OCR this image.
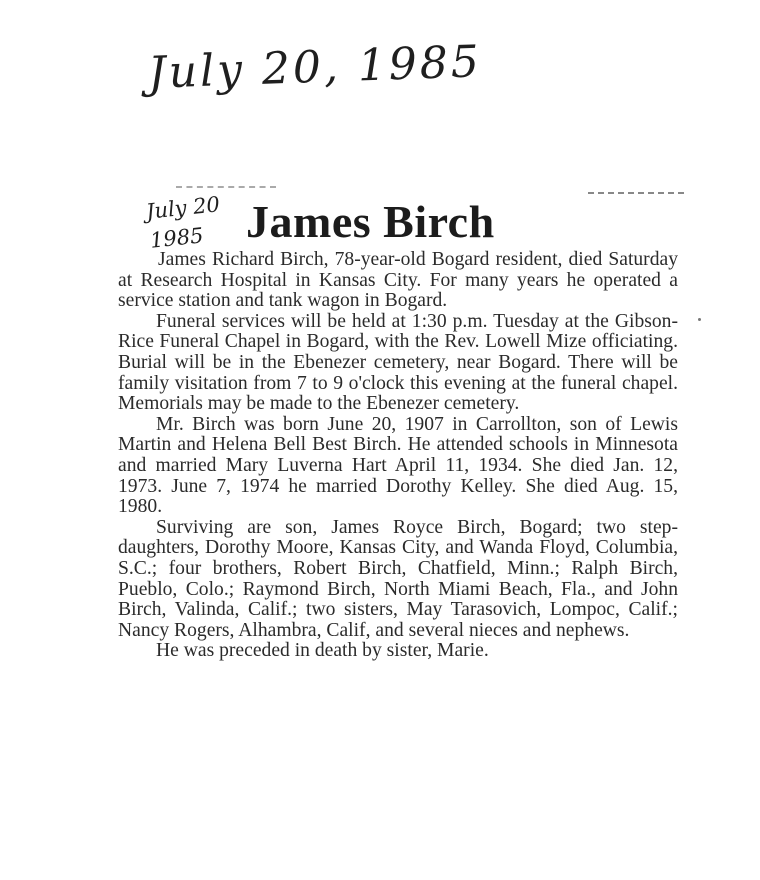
July 20, 1985
July 20
1985 James Birch

James Richard Birch, 78-year-old Bogard resident, died Saturday at Research Hospital in Kansas City. For many years he operated a service station and tank wagon in Bogard.

Funeral services will be held at 1:30 p.m. Tuesday at the Gibson-Rice Funeral Chapel in Bogard, with the Rev. Lowell Mize officiating. Burial will be in the Ebenezer cemetery, near Bogard. There will be family visitation from 7 to 9 o'clock this evening at the funeral chapel. Memorials may be made to the Ebenezer cemetery.

Mr. Birch was born June 20, 1907 in Carrollton, son of Lewis Martin and Helena Bell Best Birch. He attended schools in Minnesota and married Mary Luverna Hart April 11, 1934. She died Jan. 12, 1973. June 7, 1974 he married Dorothy Kelley. She died Aug. 15, 1980.

Surviving are son, James Royce Birch, Bogard; two step-daughters, Dorothy Moore, Kansas City, and Wanda Floyd, Columbia, S.C.; four brothers, Robert Birch, Chatfield, Minn.; Ralph Birch, Pueblo, Colo.; Raymond Birch, North Miami Beach, Fla., and John Birch, Valinda, Calif.; two sisters, May Tarasovich, Lompoc, Calif.; Nancy Rogers, Alhambra, Calif, and several nieces and nephews.

He was preceded in death by sister, Marie.
